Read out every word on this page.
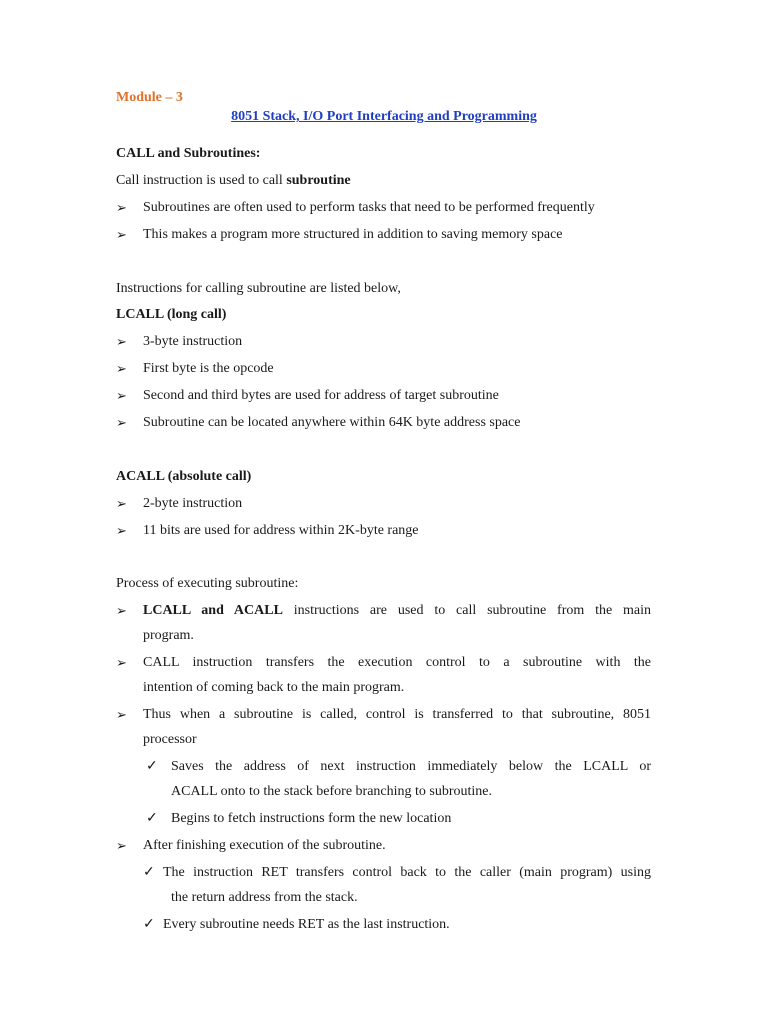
Module – 3
8051 Stack, I/O Port Interfacing and Programming
CALL and Subroutines:
Call instruction is used to call subroutine
➢ Subroutines are often used to perform tasks that need to be performed frequently
➢ This makes a program more structured in addition to saving memory space
Instructions for calling subroutine are listed below,
LCALL (long call)
➢ 3-byte instruction
➢ First byte is the opcode
➢ Second and third bytes are used for address of target subroutine
➢ Subroutine can be located anywhere within 64K byte address space
ACALL (absolute call)
➢ 2-byte instruction
➢ 11 bits are used for address within 2K-byte range
Process of executing subroutine:
➢ LCALL and ACALL instructions are used to call subroutine from the main
program.
➢ CALL instruction transfers the execution control to a subroutine with the
intention of coming back to the main program.
➢ Thus when a subroutine is called, control is transferred to that subroutine, 8051
processor
✓ Saves the address of next instruction immediately below the LCALL or
ACALL onto to the stack before branching to subroutine.
✓ Begins to fetch instructions form the new location
➢ After finishing execution of the subroutine.
✓ The instruction RET transfers control back to the caller (main program) using
the return address from the stack.
✓ Every subroutine needs RET as the last instruction.
